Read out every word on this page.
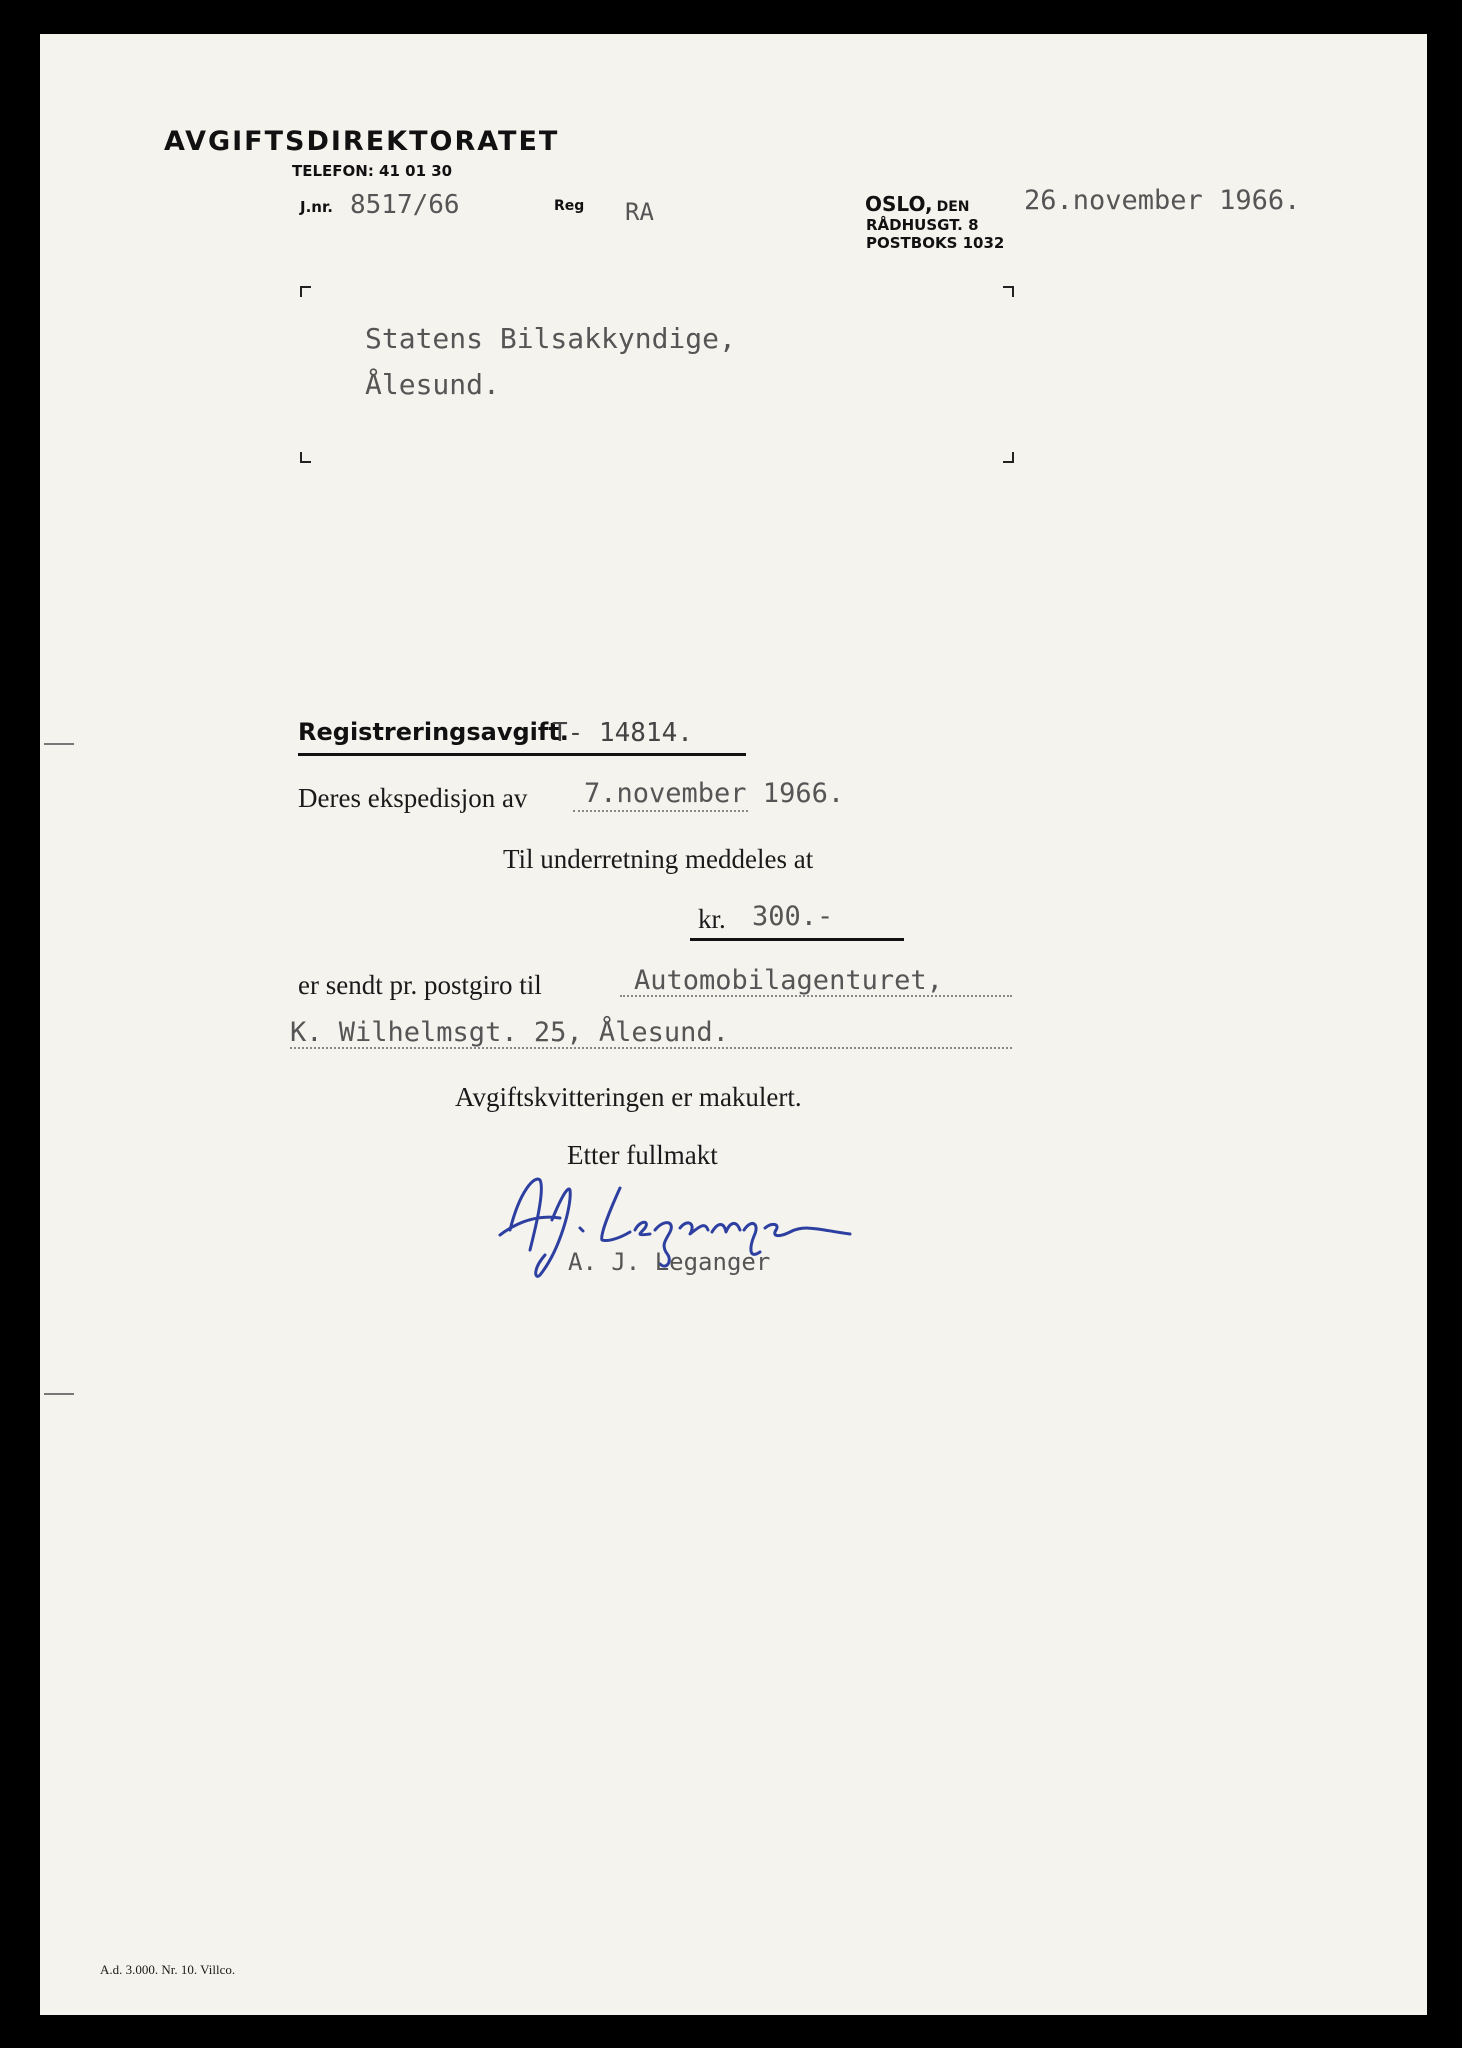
AVGIFTSDIREKTORATET
TELEFON: 41 01 30
J.nr. 8517/66	Reg RA	OSLO, DEN 26.november 1966.
RÅDHUSGT. 8
POSTBOKS 1032
Statens Bilsakkyndige,
Ålesund.
Registreringsavgift.
T- 14814.
Deres ekspedisjon av 7.november 1966.
Til underretning meddeles at
kr. 300.-
er sendt pr. postgiro til	Automobilagenturet,
K. Wilhelmsgt. 25, Ålesund.
Avgiftskvitteringen er makulert.
Etter fullmakt
A. J. Leganger
A.d. 3.000. Nr. 10. Villco.
